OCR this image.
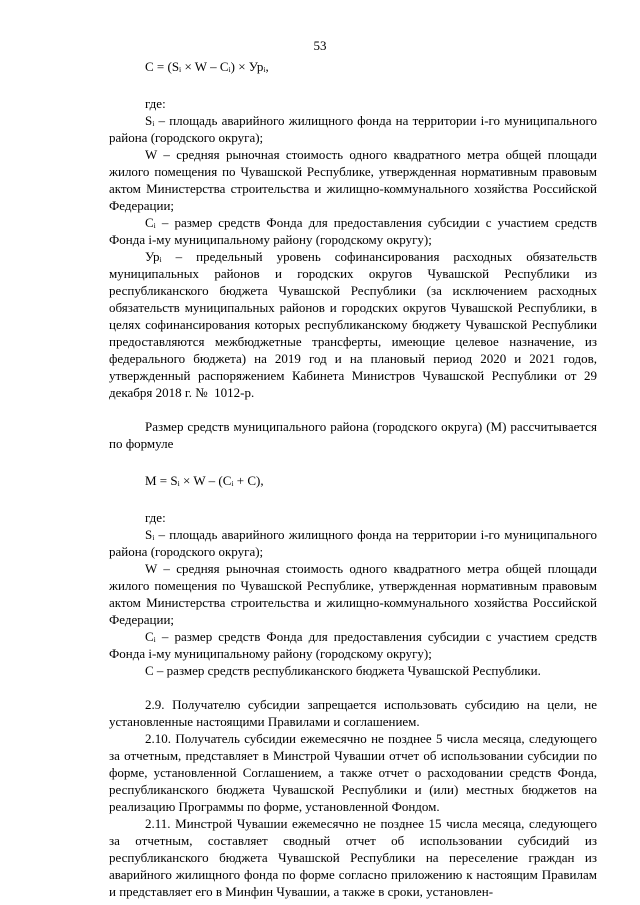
53

C = (Sᵢ × W – Cᵢ) × Урᵢ,

где:

Sᵢ – площадь аварийного жилищного фонда на территории i-го муниципального района (городского округа);

W – средняя рыночная стоимость одного квадратного метра общей площади жилого помещения по Чувашской Республике, утвержденная нормативным правовым актом Министерства строительства и жилищно-коммунального хозяйства Российской Федерации;

Cᵢ – размер средств Фонда для предоставления субсидии с участием средств Фонда i-му муниципальному району (городскому округу);

Урᵢ – предельный уровень софинансирования расходных обязательств муниципальных районов и городских округов Чувашской Республики из республиканского бюджета Чувашской Республики (за исключением расходных обязательств муниципальных районов и городских округов Чувашской Республики, в целях софинансирования которых республиканскому бюджету Чувашской Республики предоставляются межбюджетные трансферты, имеющие целевое назначение, из федерального бюджета) на 2019 год и на плановый период 2020 и 2021 годов, утвержденный распоряжением Кабинета Министров Чувашской Республики от 29 декабря 2018 г. №  1012-р.

Размер средств муниципального района (городского округа) (M) рассчитывается по формуле

M = Sᵢ × W – (Cᵢ + C),

где:

Sᵢ – площадь аварийного жилищного фонда на территории i-го муниципального района (городского округа);

W – средняя рыночная стоимость одного квадратного метра общей площади жилого помещения по Чувашской Республике, утвержденная нормативным правовым актом Министерства строительства и жилищно-коммунального хозяйства Российской Федерации;

Cᵢ – размер средств Фонда для предоставления субсидии с участием средств Фонда i-му муниципальному району (городскому округу);

C – размер средств республиканского бюджета Чувашской Республики.

2.9. Получателю субсидии запрещается использовать субсидию на цели, не установленные настоящими Правилами и соглашением.

2.10. Получатель субсидии ежемесячно не позднее 5 числа месяца, следующего за отчетным, представляет в Минстрой Чувашии отчет об использовании субсидии по форме, установленной Соглашением, а также отчет о расходовании средств Фонда, республиканского бюджета Чувашской Республики и (или) местных бюджетов на реализацию Программы по форме, установленной Фондом.

2.11. Минстрой Чувашии ежемесячно не позднее 15 числа месяца, следующего за отчетным, составляет сводный отчет об использовании субсидий из республиканского бюджета Чувашской Республики на переселение граждан из аварийного жилищного фонда по форме согласно приложению к настоящим Правилам и представляет его в Минфин Чувашии, а также в сроки, установлен-
